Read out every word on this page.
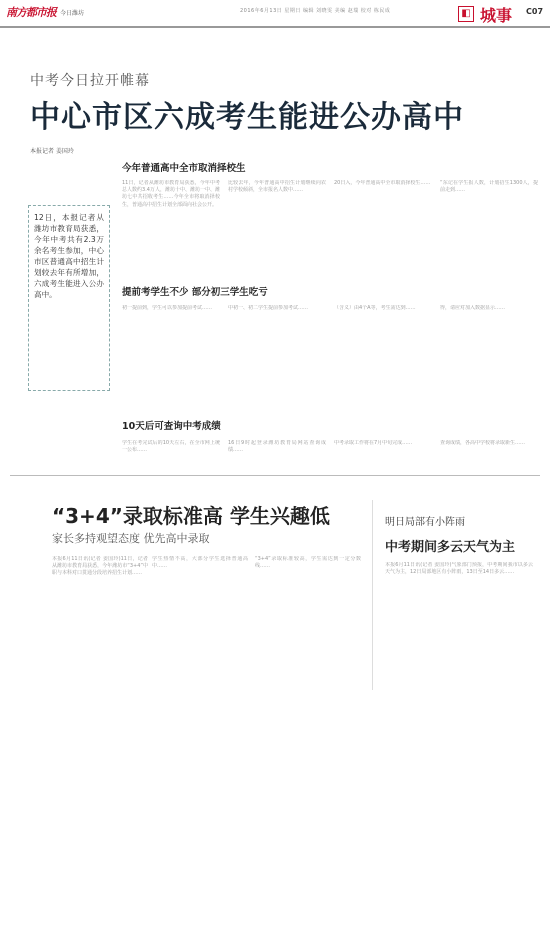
南方都市报 今日潍坊	2016年6月13日 星期日 编辑 刘晓雯 美编 赵瑞 校对 栋民成	◧ 城事 C07
中考今日拉开帷幕
中心市区六成考生能进公办高中
本报记者 姜国玲
今年普通高中全市取消择校生
12日，本报记者从潍坊市教育局获悉，今年中考共有2.3万余名考生参加，中心市区普通高中招生计划较去年有所增加，六成考生能进入公办高中。
11日，记者从潍坊市教育局获悉，今年中考总人数约3.4万人，潍坊十中、潍坊一中、潍坊七中共招收考生……今年全市将取消择校生，普通高中招生计划全部面向社会公开。
比较去年，今年普通高中招生计划继续向农村学校倾斜，全市报名人数中……
20日入，今年普通高中全市取消择校生……	“东记在学生报人数，计划招生1300人，提前走到……
提前考学生不少 部分初三学生吃亏
初一提前到，学生可以参加提前考试……	中初一、初二学生提前参加考试……	（含义）由4个A等，考生需达到……	得，请应对加入数据显示……
10天后可查询中考成绩
学生在考完试后的10天左右，在全市网上统一公布……
16日9时起登录潍坊教育局网站查询成绩……
中考录取工作将在7月中旬完成……	查询成绩，各高中学校将录取新生……
“3+4”录取标准高 学生兴趣低
家长多持观望态度 优先高中录取
本报6月11日讯(记者 姜国玲)11日，记者从潍坊市教育局获悉，今年潍坊市“3+4”中职与本科对口贯通分段培养招生计划……
学生热情不高，大部分学生选择普通高中……
“3+4”录取标准较高，学生需达到一定分数线……
明日局部有小阵雨
中考期间多云天气为主
本报6月11日讯(记者 姜国玲)气象部门预报，中考期间我市以多云天气为主，12日局部地区有小阵雨，13日至14日多云……
